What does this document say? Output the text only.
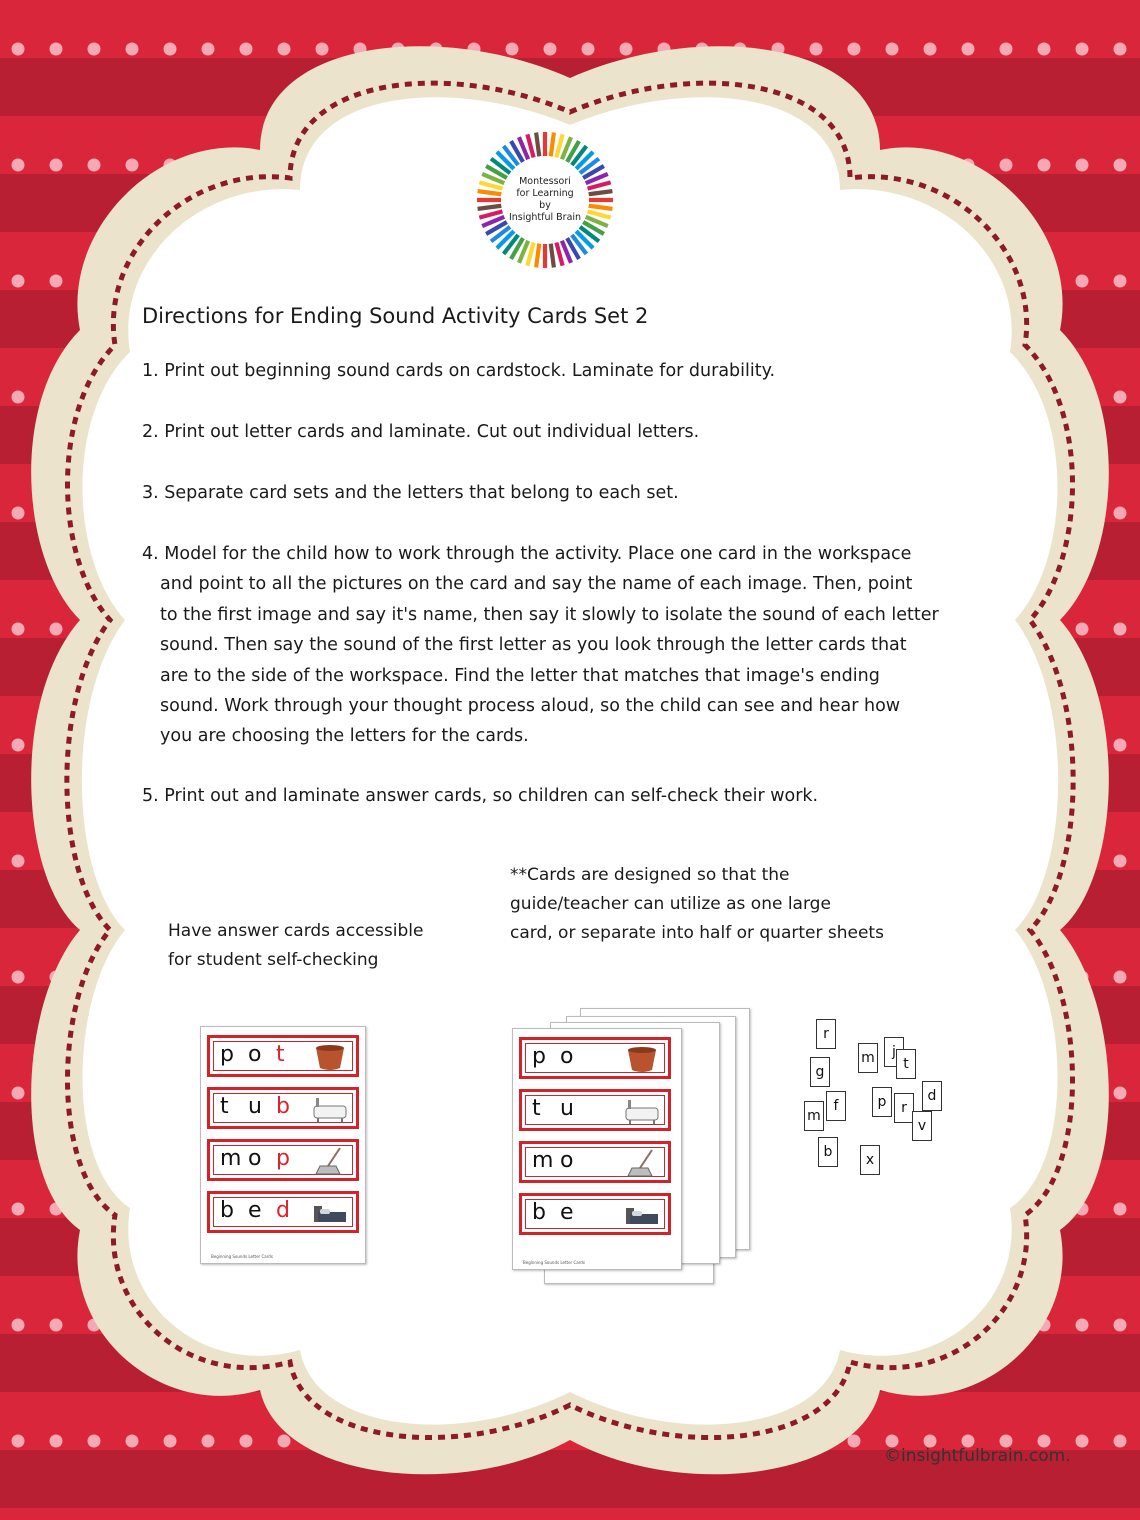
Montessori
for Learning
by
Insightful Brain
Directions for Ending Sound Activity Cards Set 2
1. Print out beginning sound cards on cardstock. Laminate for durability.
2. Print out letter cards and laminate. Cut out individual letters.
3. Separate card sets and the letters that belong to each set.
4. Model for the child how to work through the activity. Place one card in the workspace
and point to all the pictures on the card and say the name of each image. Then, point
to the first image and say it's name, then say it slowly to isolate the sound of each letter
sound. Then say the sound of the first letter as you look through the letter cards that
are to the side of the workspace. Find the letter that matches that image's ending
sound. Work through your thought process aloud, so the child can see and hear how
you are choosing the letters for the cards.
5. Print out and laminate answer cards, so children can self-check their work.
**Cards are designed so that the
guide/teacher can utilize as one large
card, or separate into half or quarter sheets
Have answer cards accessible
for student self-checking
p o t
t u b
m o p
b e d
Beginning Sounds Letter Cards
p o
t u
m o
b e
Beginning Sounds Letter Cards
r
g
f
m
b
m	j
t
p	r
v
d
x
©insightfulbrain.com.
